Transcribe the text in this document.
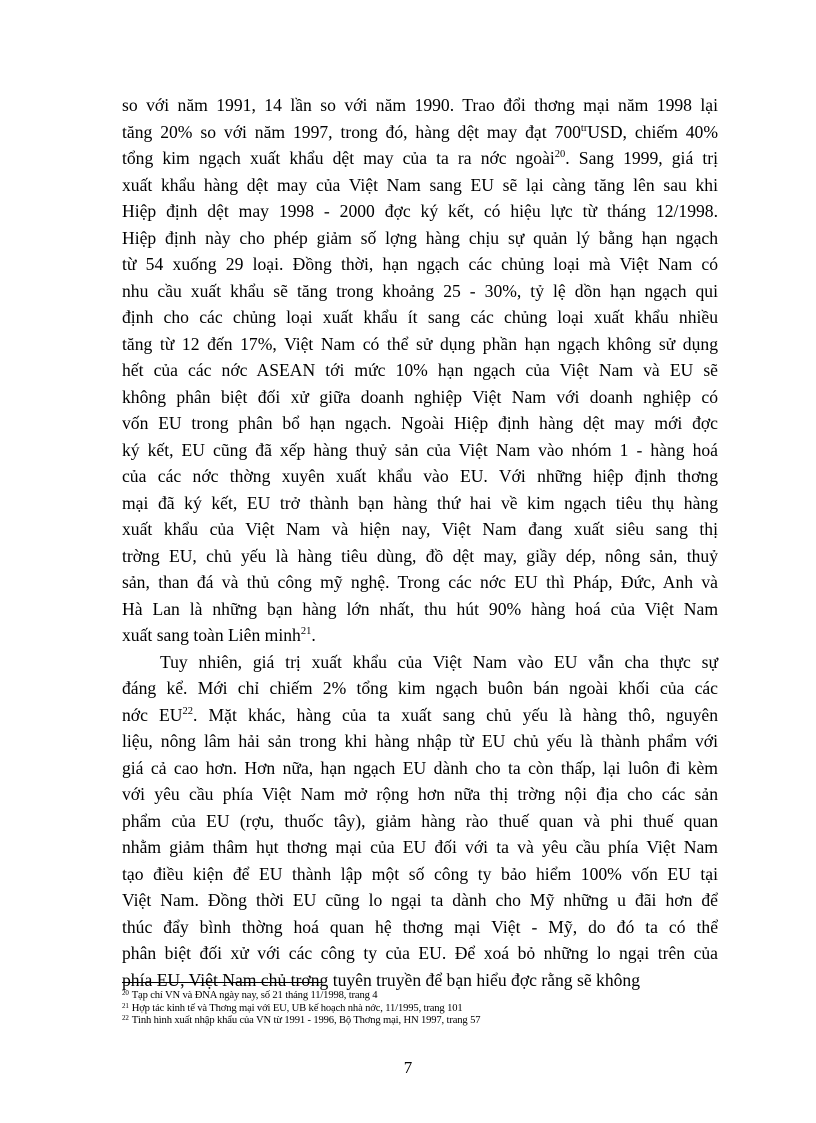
so với năm 1991, 14 lần so với năm 1990. Trao đổi thơng mại năm 1998 lại
tăng 20% so với năm 1997, trong đó, hàng dệt may đạt $700^{tr}USD$, chiếm 40%
tổng kim ngạch xuất khẩu dệt may của ta ra nớc ngoài$^{20}$. Sang 1999, giá trị
xuất khẩu hàng dệt may của Việt Nam sang EU sẽ lại càng tăng lên sau khi
Hiệp định dệt may 1998 - 2000 đợc ký kết, có hiệu lực từ tháng 12/1998.
Hiệp định này cho phép giảm số lợng hàng chịu sự quản lý bằng hạn ngạch
từ 54 xuống 29 loại. Đồng thời, hạn ngạch các chủng loại mà Việt Nam có
nhu cầu xuất khẩu sẽ tăng trong khoảng 25 - 30%, tỷ lệ dồn hạn ngạch qui
định cho các chủng loại xuất khẩu ít sang các chủng loại xuất khẩu nhiều
tăng từ 12 đến 17%, Việt Nam có thể sử dụng phần hạn ngạch không sử dụng
hết của các nớc ASEAN tới mức 10% hạn ngạch của Việt Nam và EU sẽ
không phân biệt đối xử giữa doanh nghiệp Việt Nam với doanh nghiệp có
vốn EU trong phân bổ hạn ngạch. Ngoài Hiệp định hàng dệt may mới đợc
ký kết, EU cũng đã xếp hàng thuỷ sản của Việt Nam vào nhóm 1 - hàng hoá
của các nớc thờng xuyên xuất khẩu vào EU. Với những hiệp định thơng
mại đã ký kết, EU trở thành bạn hàng thứ hai về kim ngạch tiêu thụ hàng
xuất khẩu của Việt Nam và hiện nay, Việt Nam đang xuất siêu sang thị
trờng EU, chủ yếu là hàng tiêu dùng, đồ dệt may, giầy dép, nông sản, thuỷ
sản, than đá và thủ công mỹ nghệ. Trong các nớc EU thì Pháp, Đức, Anh và
Hà Lan là những bạn hàng lớn nhất, thu hút 90% hàng hoá của Việt Nam
xuất sang toàn Liên minh$^{21}$.
Tuy nhiên, giá trị xuất khẩu của Việt Nam vào EU vẫn cha thực sự
đáng kể. Mới chỉ chiếm 2% tổng kim ngạch buôn bán ngoài khối của các
nớc EU$^{22}$. Mặt khác, hàng của ta xuất sang chủ yếu là hàng thô, nguyên
liệu, nông lâm hải sản trong khi hàng nhập từ EU chủ yếu là thành phẩm với
giá cả cao hơn. Hơn nữa, hạn ngạch EU dành cho ta còn thấp, lại luôn đi kèm
với yêu cầu phía Việt Nam mở rộng hơn nữa thị trờng nội địa cho các sản
phẩm của EU (rợu, thuốc tây), giảm hàng rào thuế quan và phi thuế quan
nhằm giảm thâm hụt thơng mại của EU đối với ta và yêu cầu phía Việt Nam
tạo điều kiện để EU thành lập một số công ty bảo hiểm 100% vốn EU tại
Việt Nam. Đồng thời EU cũng lo ngại ta dành cho Mỹ những u đãi hơn để
thúc đẩy bình thờng hoá quan hệ thơng mại Việt - Mỹ, do đó ta có thể
phân biệt đối xử với các công ty của EU. Để xoá bỏ những lo ngại trên của
phía EU, Việt Nam chủ trơng tuyên truyền để bạn hiểu đợc rằng sẽ không
$^{20}$ Tạp chí VN và ĐNA ngày nay, số 21 tháng 11/1998, trang 4
$^{21}$ Hợp tác kinh tế và Thơng mại với EU, UB kế hoạch nhà nớc, 11/1995, trang 101
$^{22}$ Tình hình xuất nhập khẩu của VN từ 1991 - 1996, Bộ Thơng mại, HN 1997, trang 57
7
